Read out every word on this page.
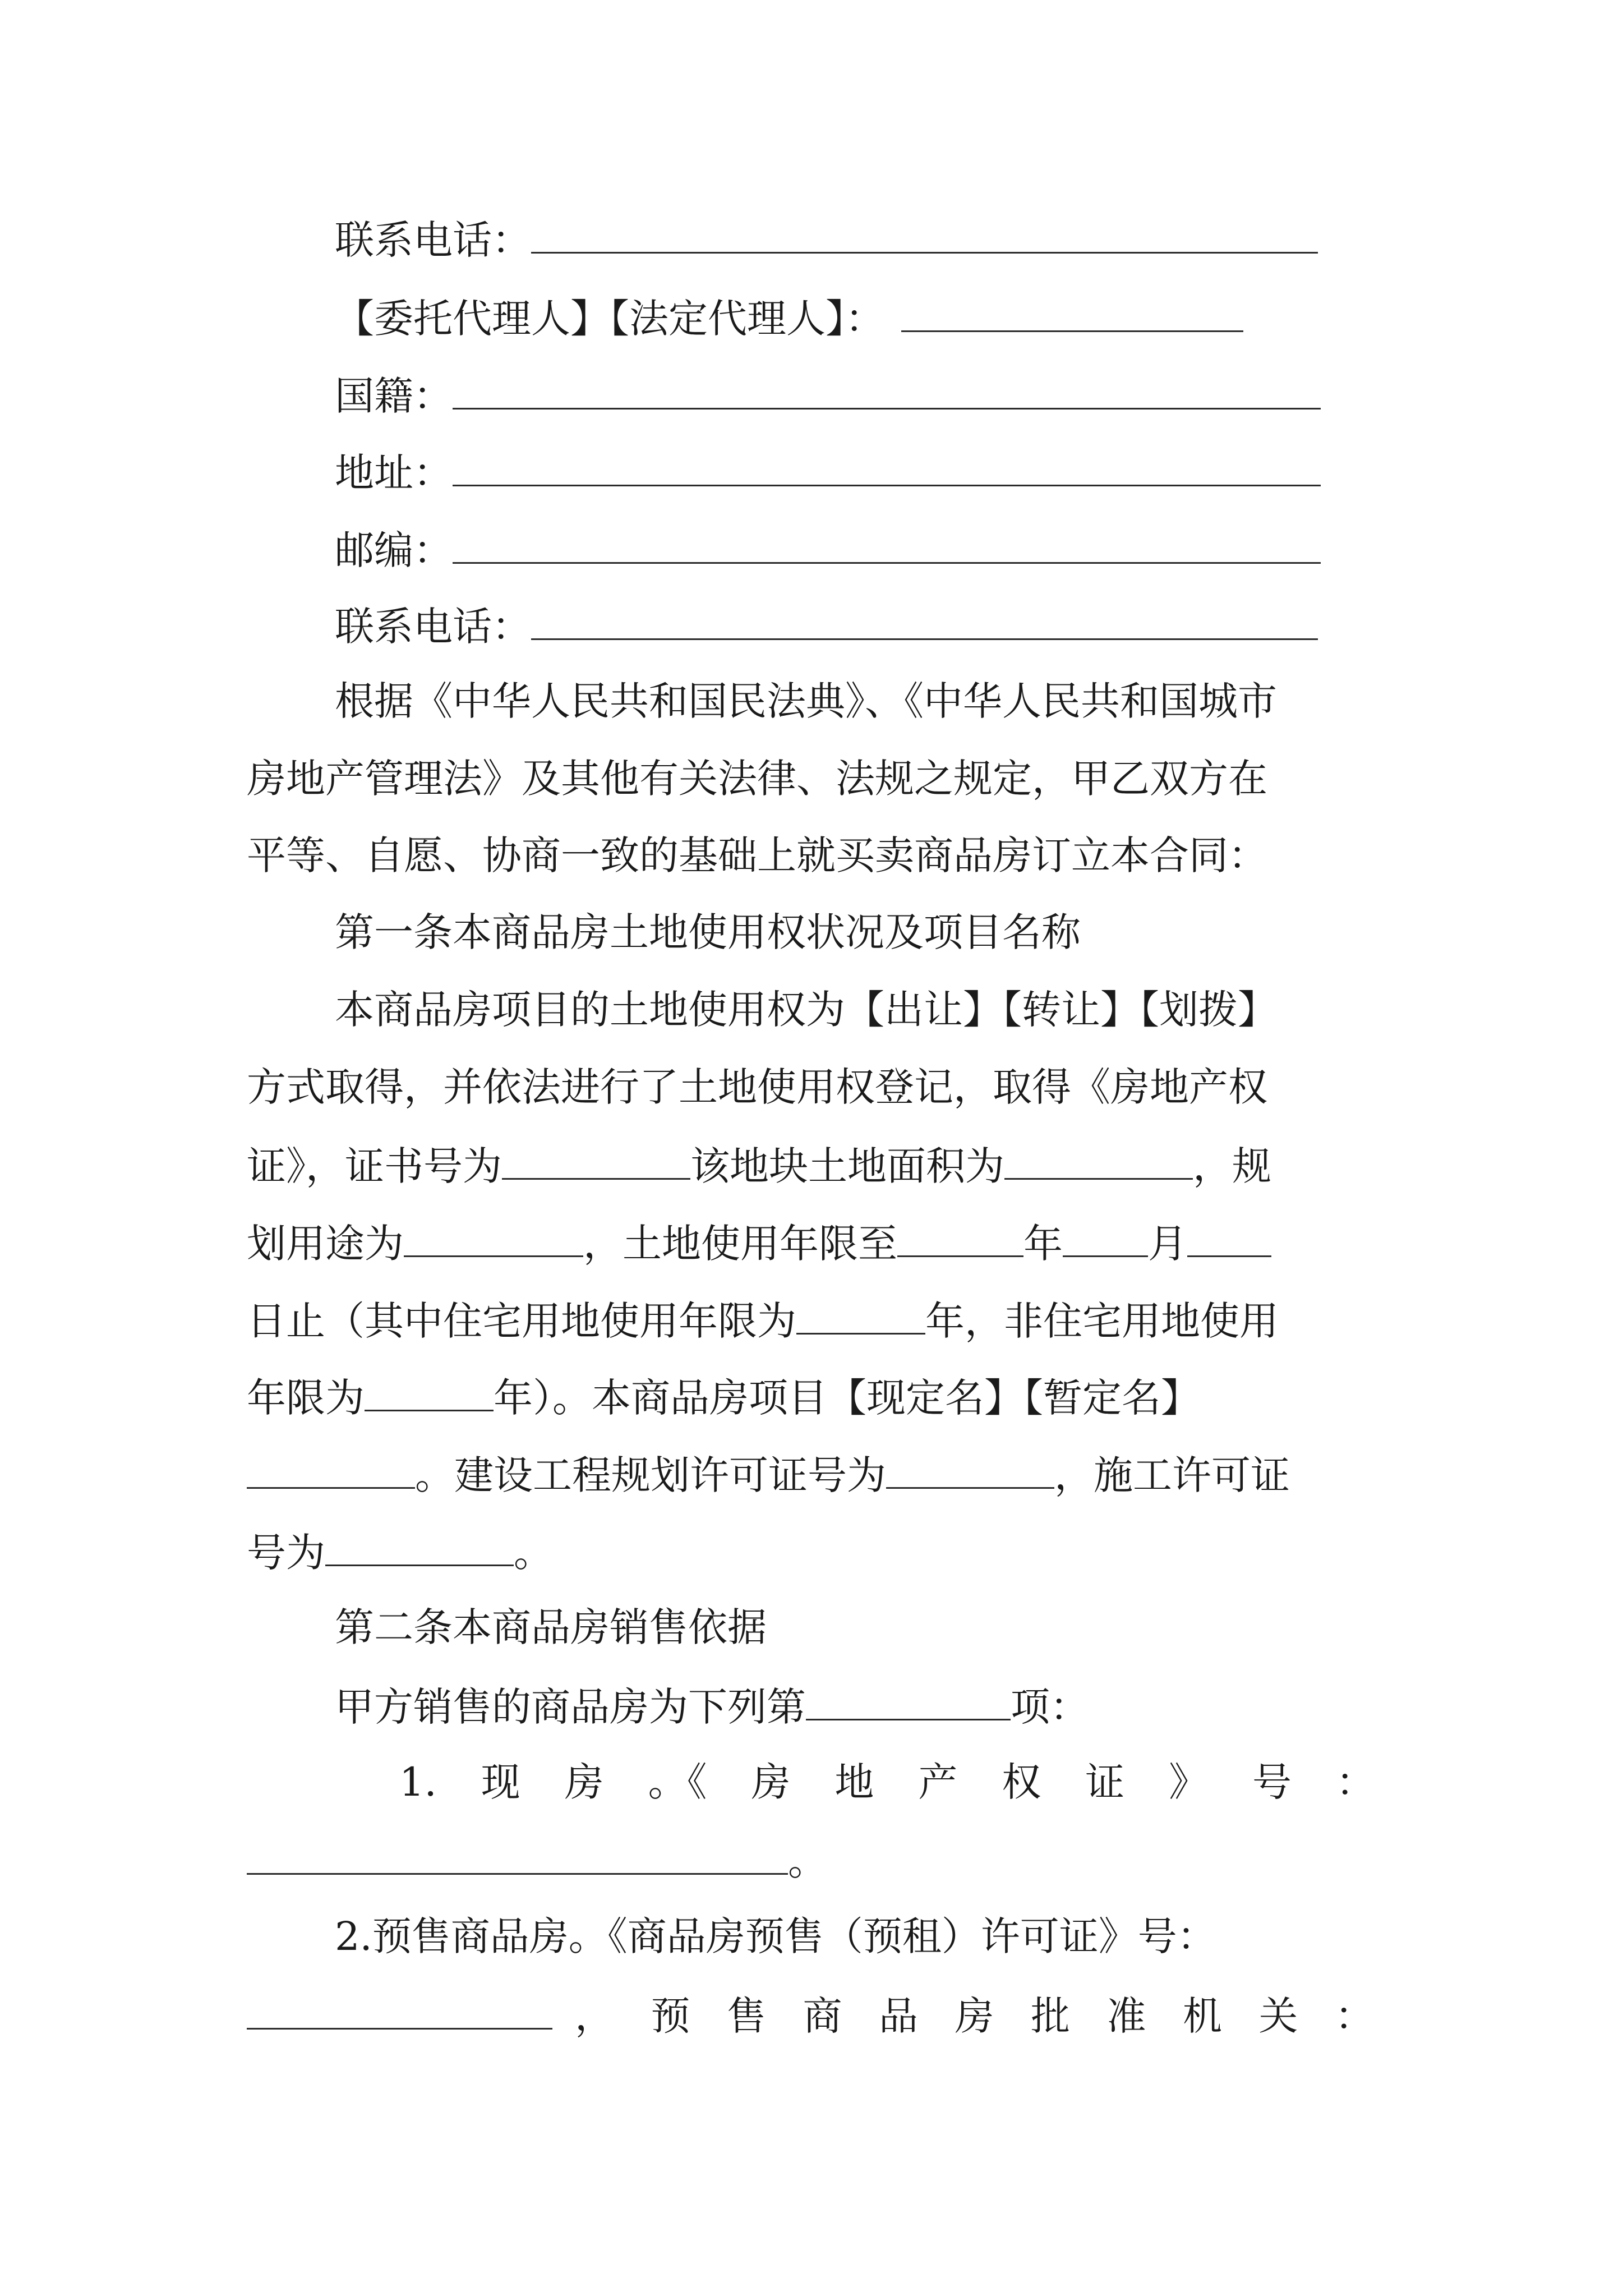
联系电话：
【委托代理人】【法定代理人】：
国籍：
地址：
邮编：
联系电话：
根据《中华人民共和国民法典》、《中华人民共和国城市
房地产管理法》及其他有关法律、法规之规定，甲乙双方在
平等、自愿、协商一致的基础上就买卖商品房订立本合同：
第一条本商品房土地使用权状况及项目名称
本商品房项目的土地使用权为【出让】【转让】【划拨】
方式取得，并依法进行了土地使用权登记，取得《房地产权
证》，证书号为	该地块土地面积为	，规
划用途为	，土地使用年限至	年 月
日止（其中住宅用地使用年限为	年，非住宅用地使用
年限为	年）。本商品房项目【现定名】【暂定名】
。建设工程规划许可证号为	，施工许可证
号为	。
第二条本商品房销售依据
甲方销售的商品房为下列第	项：
1. 现 房 。《 房 地 产 权 证 》 号 ：
。
2.预售商品房。《商品房预售（预租）许可证》号：
， 预 售 商 品 房 批 准 机 关 ：
